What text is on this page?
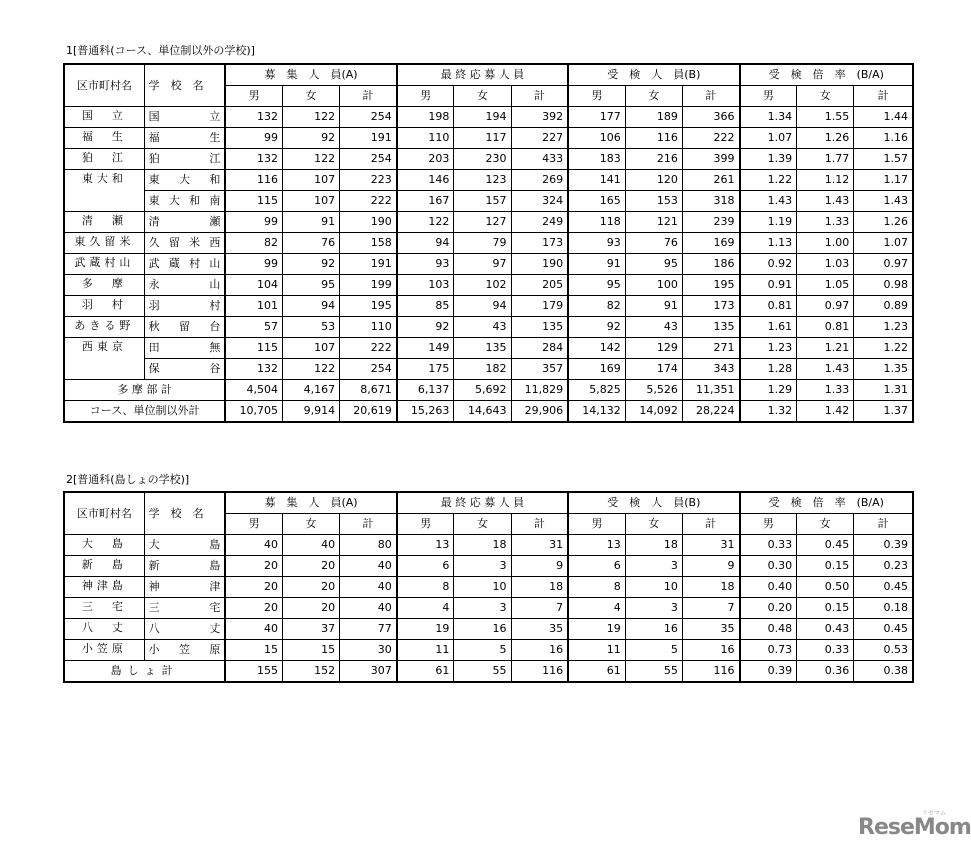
1[普通科(コース、単位制以外の学校)]
区市町村名	学　校　名	募　集　人　員(A)			最 終 応 募 人 員			受　検　人　員(B)			受　検　倍　率　(B/A)		
		男	女	計	男	女	計	男	女	計	男	女	計
国　立	国　立	132	122	254	198	194	392	177	189	366	1.34	1.55	1.44
福　生	福　生	99	92	191	110	117	227	106	116	222	1.07	1.26	1.16
狛　江	狛　江	132	122	254	203	230	433	183	216	399	1.39	1.77	1.57
東大和	東　大　和	116	107	223	146	123	269	141	120	261	1.22	1.12	1.17
	東 大 和 南	115	107	222	167	157	324	165	153	318	1.43	1.43	1.43
清　瀬	清　瀬	99	91	190	122	127	249	118	121	239	1.19	1.33	1.26
東久留米	久 留 米 西	82	76	158	94	79	173	93	76	169	1.13	1.00	1.07
武蔵村山	武 蔵 村 山	99	92	191	93	97	190	91	95	186	0.92	1.03	0.97
多　摩	永　山	104	95	199	103	102	205	95	100	195	0.91	1.05	0.98
羽　村	羽　村	101	94	195	85	94	179	82	91	173	0.81	0.97	0.89
あきる野	秋　留　台	57	53	110	92	43	135	92	43	135	1.61	0.81	1.23
西東京	田　無	115	107	222	149	135	284	142	129	271	1.23	1.21	1.22
	保　谷	132	122	254	175	182	357	169	174	343	1.28	1.43	1.35
多 摩 部 計		4,504	4,167	8,671	6,137	5,692	11,829	5,825	5,526	11,351	1.29	1.33	1.31
コース、単位制以外計		10,705	9,914	20,619	15,263	14,643	29,906	14,132	14,092	28,224	1.32	1.42	1.37
2[普通科(島しょの学校)]
区市町村名	学　校　名	募　集　人　員(A)			最 終 応 募 人 員			受　検　人　員(B)			受　検　倍　率　(B/A)		
		男	女	計	男	女	計	男	女	計	男	女	計
大　島	大　島	40	40	80	13	18	31	13	18	31	0.33	0.45	0.39
新　島	新　島	20	20	40	6	3	9	6	3	9	0.30	0.15	0.23
神津島	神　津	20	20	40	8	10	18	8	10	18	0.40	0.50	0.45
三　宅	三　宅	20	20	40	4	3	7	4	3	7	0.20	0.15	0.18
八　丈	八　丈	40	37	77	19	16	35	19	16	35	0.48	0.43	0.45
小笠原	小　笠　原	15	15	30	11	5	16	11	5	16	0.73	0.33	0.53
島しょ計		155	152	307	61	55	116	61	55	116	0.39	0.36	0.38
ReseMom
リセマム
